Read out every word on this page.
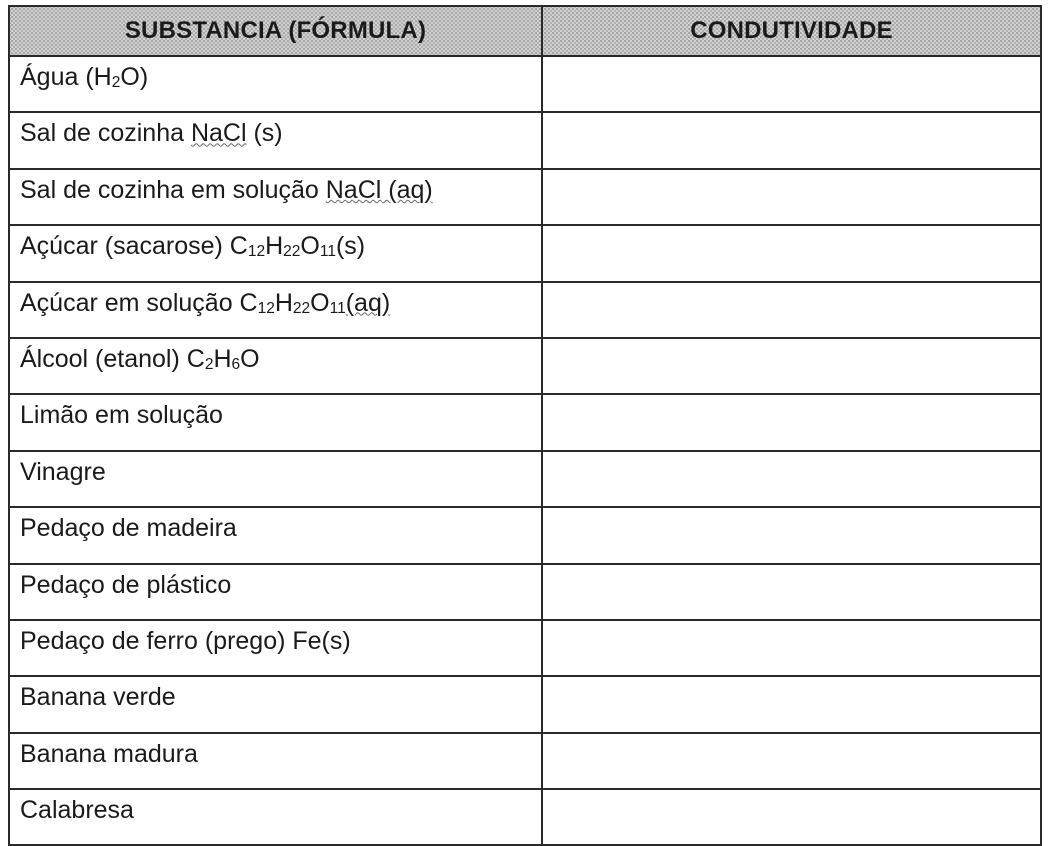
SUBSTANCIA (FÓRMULA)	CONDUTIVIDADE
Água $(H_2O)$	
Sal de cozinha NaCl (s)	
Sal de cozinha em solução NaCl (aq)	
Açúcar (sacarose) $C_{12}H_{22}O_{11}(s)$	
Açúcar em solução $C_{12}H_{22}O_{11}(aq)$	
Álcool (etanol) $C_2H_6O$	
Limão em solução	
Vinagre	
Pedaço de madeira	
Pedaço de plástico	
Pedaço de ferro (prego) Fe(s)	
Banana verde	
Banana madura	
Calabresa	
